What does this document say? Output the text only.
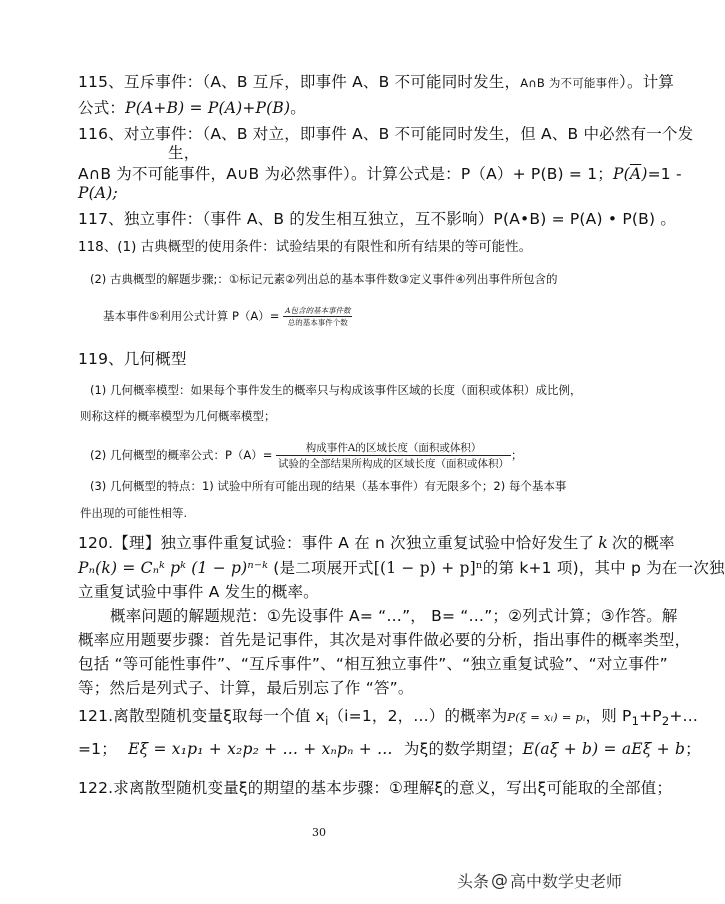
115、互斥事件：（A、B 互斥，即事件 A、B 不可能同时发生，A∩B 为不可能事件）。计算
公式：P(A+B) = P(A)+P(B)。
116、对立事件：（A、B 对立，即事件 A、B 不可能同时发生，但 A、B 中必然有一个发
生，
A∩B 为不可能事件，A∪B 为必然事件）。计算公式是：P（A）+ P(B) = 1；$P(\overline{A})=1$ -
P(A);
117、独立事件：（事件 A、B 的发生相互独立，互不影响）P(A•B) = P(A) • P(B) 。
118、(1) 古典概型的使用条件：试验结果的有限性和所有结果的等可能性。
(2) 古典概型的解题步骤;：①标记元素②列出总的基本事件数③定义事件④列出事件所包含的
基本事件⑤利用公式计算 $P(A)= \frac{\text{A包含的基本事件数}}{\text{总的基本事件个数}}$
119、几何概型
(1) 几何概率模型：如果每个事件发生的概率只与构成该事件区域的长度（面积或体积）成比例，
则称这样的概率模型为几何概率模型；
(2) 几何概型的概率公式：$P(A)= \frac{\text{构成事件A的区域长度（面积或体积）}}{\text{试验的全部结果所构成的区域长度（面积或体积）}}$ ；
(3) 几何概型的特点：1) 试验中所有可能出现的结果（基本事件）有无限多个；2) 每个基本事
件出现的可能性相等.
120.【理】独立事件重复试验：事件 A 在 n 次独立重复试验中恰好发生了 k 次的概率
Pₙ(k) = Cₙᵏ pᵏ (1 − p)ⁿ⁻ᵏ (是二项展开式[(1 − p) + p]ⁿ的第 k+1 项)，其中 p 为在一次独
立重复试验中事件 A 发生的概率。
概率问题的解题规范：①先设事件 A= “…”， B= “…”；②列式计算；③作答。解
概率应用题要步骤：首先是记事件，其次是对事件做必要的分析，指出事件的概率类型，
包括 “等可能性事件”、“互斥事件”、“相互独立事件”、“独立重复试验”、“对立事件”
等；然后是列式子、计算，最后别忘了作 “答”。
121.离散型随机变量ξ取每一个值 $x_i(i=1$，2，...）的概率为P(ξ = xᵢ) = pᵢ，则 $P_1+P_2+$...
=1； Eξ = x₁p₁ + x₂p₂ + … + xₙpₙ + … 为ξ的数学期望；E(aξ + b) = aEξ + b；
122.求离散型随机变量ξ的期望的基本步骤：①理解ξ的意义，写出ξ可能取的全部值；
30
头条 @ 高中数学史老师
